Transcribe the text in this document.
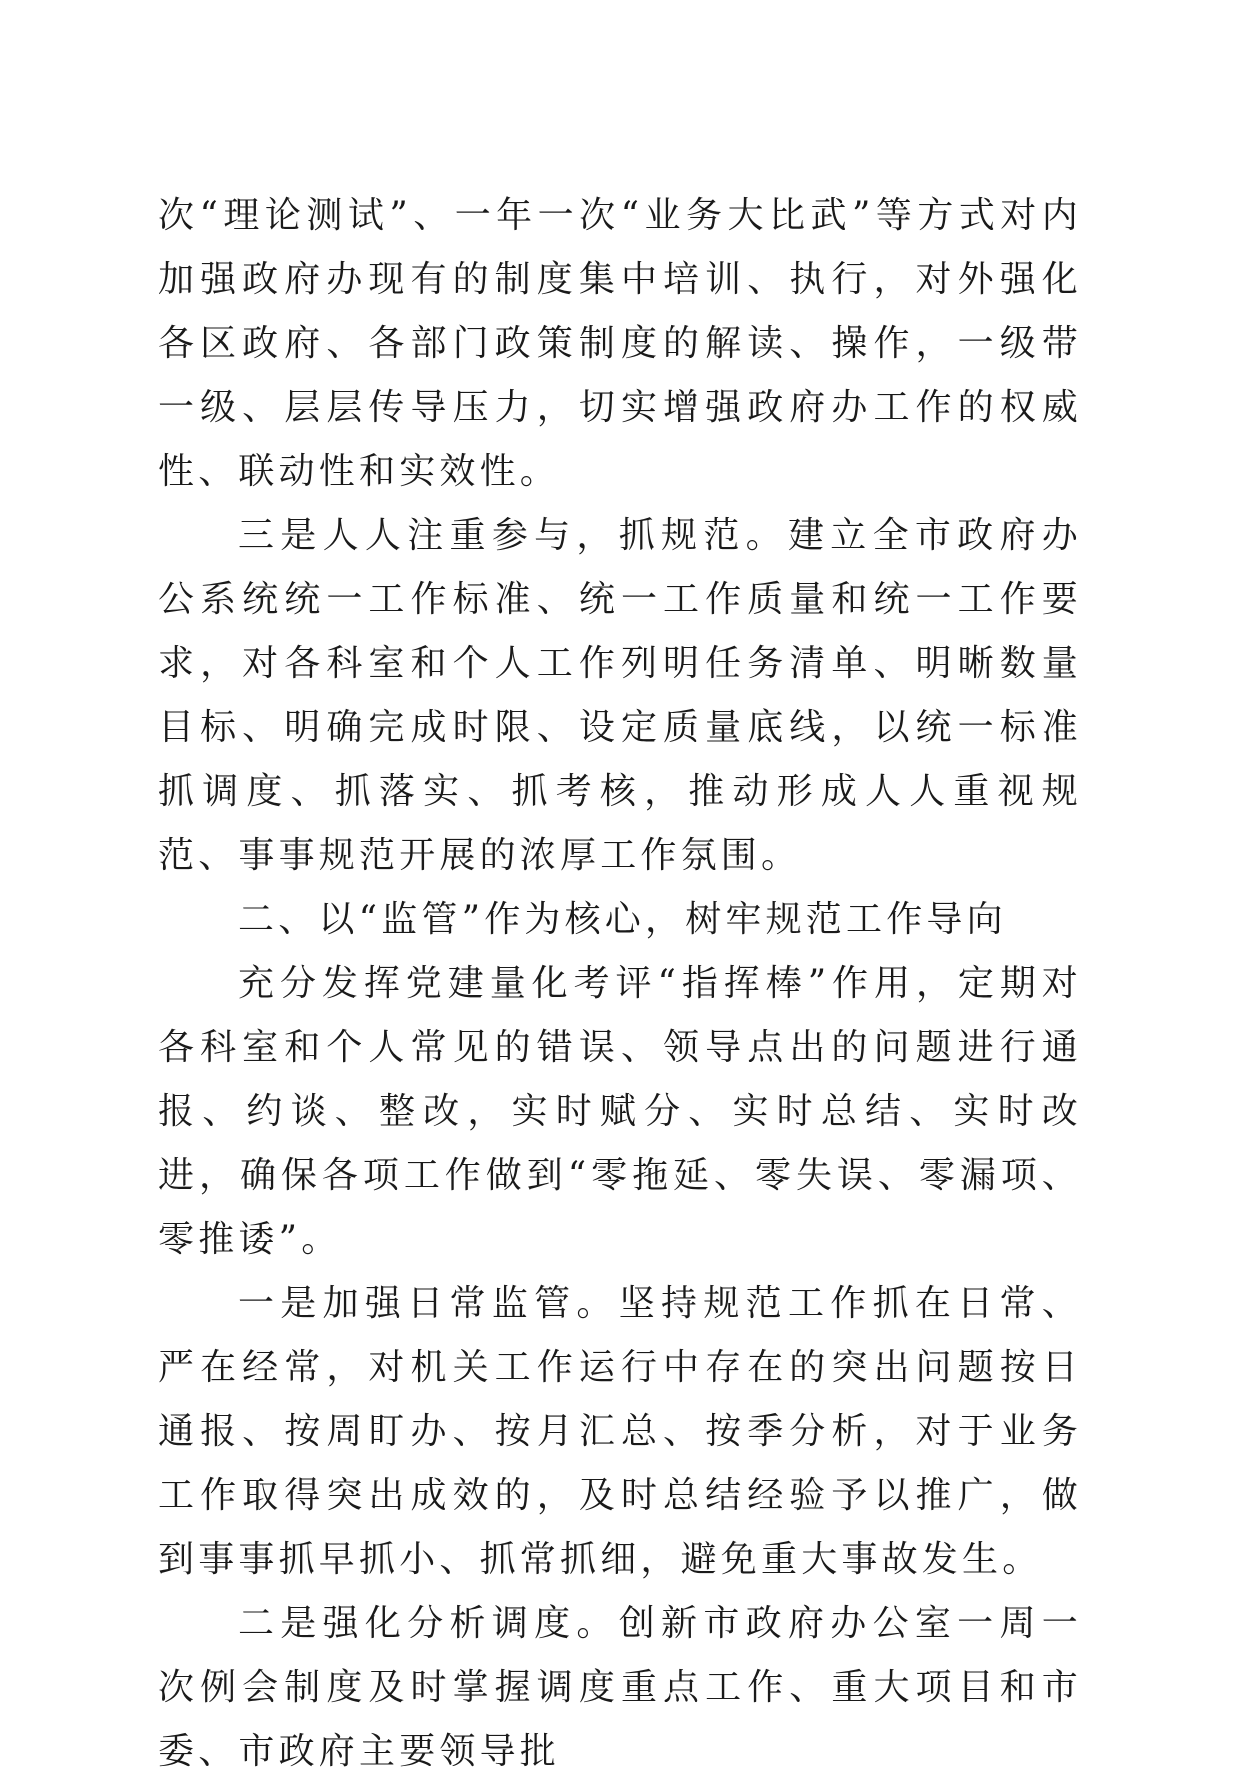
次“理论测试”、一年一次“业务大比武”等方式对内加强政府办现有的制度集中培训、执行，对外强化各区政府、各部门政策制度的解读、操作，一级带一级、层层传导压力，切实增强政府办工作的权威性、联动性和实效性。

三是人人注重参与，抓规范。建立全市政府办公系统统一工作标准、统一工作质量和统一工作要求，对各科室和个人工作列明任务清单、明晰数量目标、明确完成时限、设定质量底线，以统一标准抓调度、抓落实、抓考核，推动形成人人重视规范、事事规范开展的浓厚工作氛围。

二、以“监管”作为核心，树牢规范工作导向

充分发挥党建量化考评“指挥棒”作用，定期对各科室和个人常见的错误、领导点出的问题进行通报、约谈、整改，实时赋分、实时总结、实时改进，确保各项工作做到“零拖延、零失误、零漏项、零推诿”。

一是加强日常监管。坚持规范工作抓在日常、严在经常，对机关工作运行中存在的突出问题按日通报、按周盯办、按月汇总、按季分析，对于业务工作取得突出成效的，及时总结经验予以推广，做到事事抓早抓小、抓常抓细，避免重大事故发生。

二是强化分析调度。创新市政府办公室一周一次例会制度及时掌握调度重点工作、重大项目和市委、市政府主要领导批
